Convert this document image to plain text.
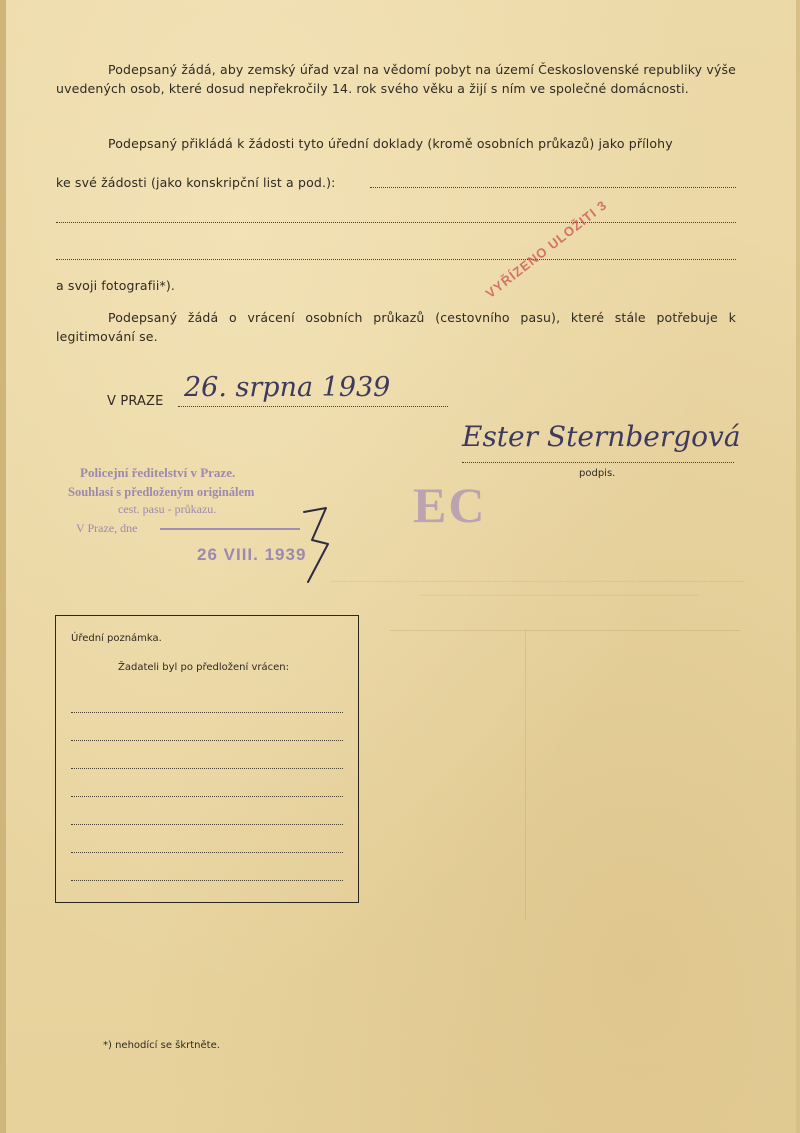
Podepsaný žádá, aby zemský úřad vzal na vědomí pobyt na území Československé republiky výše uvedených osob, které dosud nepřekročily 14. rok svého věku a žijí s ním ve společné domácnosti.
Podepsaný přikládá k žádosti tyto úřední doklady (kromě osobních průkazů) jako přílohy
ke své žádosti (jako konskripční list a pod.):
a svoji fotografii*).
Podepsaný žádá o vrácení osobních průkazů (cestovního pasu), které stále potřebuje k legitimování se.
VYŘÍZENO ULOŽITI 3
V PRAZE 26. srpna 1939
Ester Sternbergová
podpis.
Policejní ředitelství v Praze.
Souhlasí s předloženým originálem
cest. pasu - průkazu.
V Praze, dne
26 VIII. 1939
EC
——————————————————————————————————————————————
———————————————————————————————
Úřední poznámka.
Žadateli byl po předložení vrácen:
*) nehodící se škrtněte.
